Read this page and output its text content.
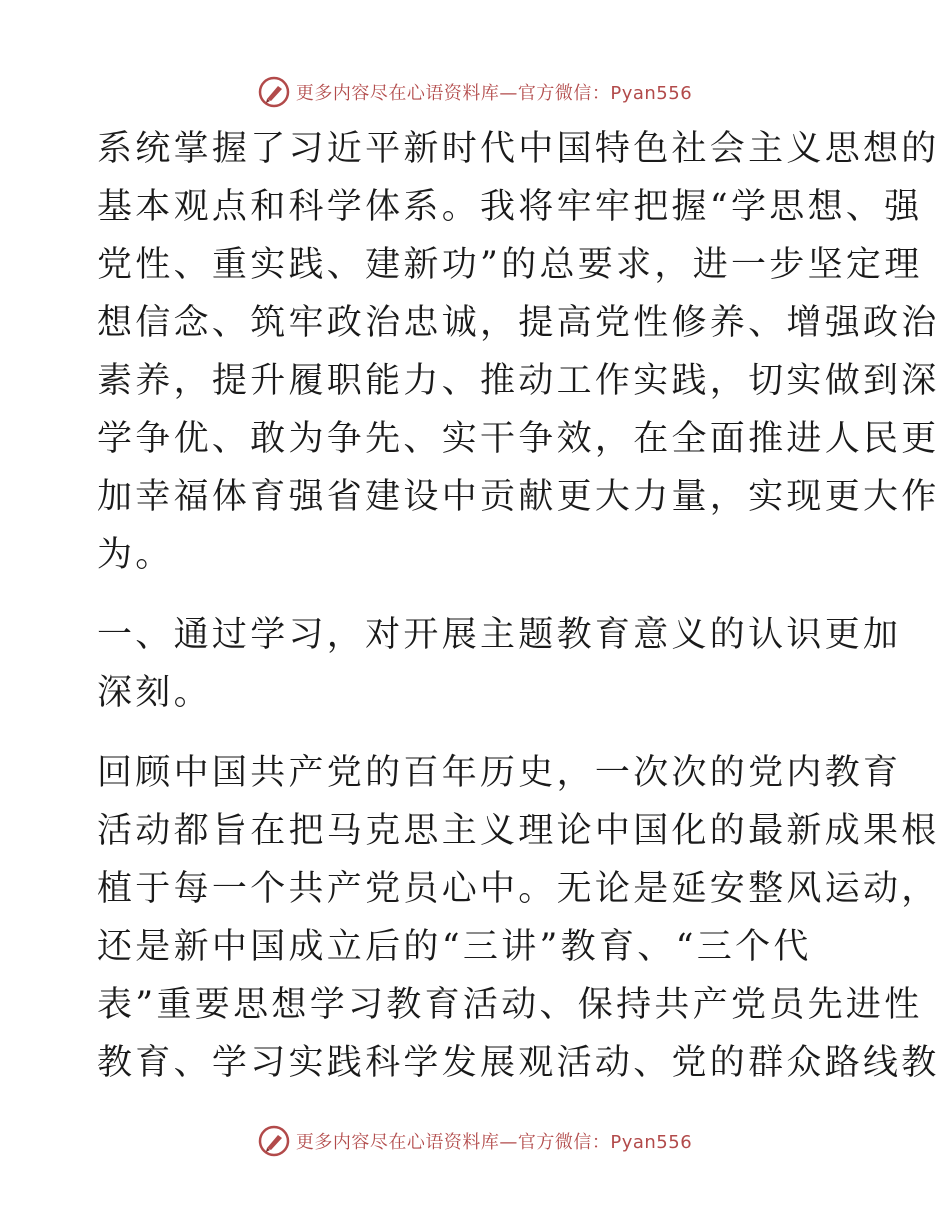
更多内容尽在心语资料库—官方微信：Pyan556
系统掌握了习近平新时代中国特色社会主义思想的
基本观点和科学体系。我将牢牢把握“学思想、强
党性、重实践、建新功”的总要求，进一步坚定理
想信念、筑牢政治忠诚，提高党性修养、增强政治
素养，提升履职能力、推动工作实践，切实做到深
学争优、敢为争先、实干争效，在全面推进人民更
加幸福体育强省建设中贡献更大力量，实现更大作
为。
一、通过学习，对开展主题教育意义的认识更加
深刻。
回顾中国共产党的百年历史，一次次的党内教育
活动都旨在把马克思主义理论中国化的最新成果根
植于每一个共产党员心中。无论是延安整风运动，
还是新中国成立后的“三讲”教育、“三个代
表”重要思想学习教育活动、保持共产党员先进性
教育、学习实践科学发展观活动、党的群众路线教
更多内容尽在心语资料库—官方微信：Pyan556
